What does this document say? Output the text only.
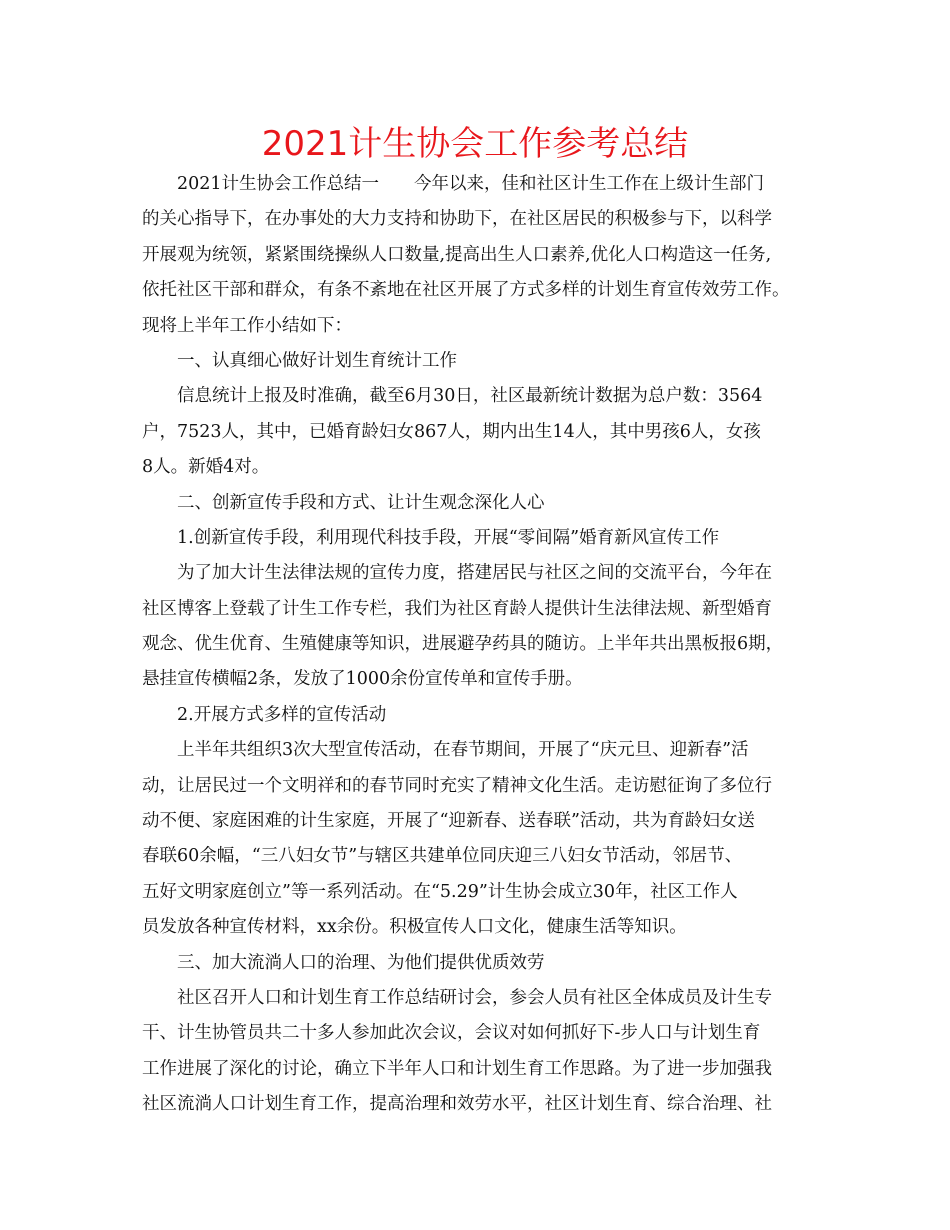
2021计生协会工作参考总结
2021计生协会工作总结一　　今年以来，佳和社区计生工作在上级计生部门
的关心指导下，在办事处的大力支持和协助下，在社区居民的积极参与下，以科学
开展观为统领，紧紧围绕操纵人口数量,提高出生人口素养,优化人口构造这一任务,
依托社区干部和群众，有条不紊地在社区开展了方式多样的计划生育宣传效劳工作。
现将上半年工作小结如下：
一、认真细心做好计划生育统计工作
信息统计上报及时准确，截至6月30日，社区最新统计数据为总户数：3564
户，7523人，其中，已婚育龄妇女867人，期内出生14人，其中男孩6人，女孩
8人。新婚4对。
二、创新宣传手段和方式、让计生观念深化人心
1.创新宣传手段，利用现代科技手段，开展“零间隔”婚育新风宣传工作
为了加大计生法律法规的宣传力度，搭建居民与社区之间的交流平台，今年在
社区博客上登载了计生工作专栏，我们为社区育龄人提供计生法律法规、新型婚育
观念、优生优育、生殖健康等知识，进展避孕药具的随访。上半年共出黑板报6期，
悬挂宣传横幅2条，发放了1000余份宣传单和宣传手册。
2.开展方式多样的宣传活动
上半年共组织3次大型宣传活动，在春节期间，开展了“庆元旦、迎新春”活
动，让居民过一个文明祥和的春节同时充实了精神文化生活。走访慰征询了多位行
动不便、家庭困难的计生家庭，开展了“迎新春、送春联”活动，共为育龄妇女送
春联60余幅，“三八妇女节”与辖区共建单位同庆迎三八妇女节活动，邻居节、
五好文明家庭创立”等一系列活动。在“5.29”计生协会成立30年，社区工作人
员发放各种宣传材料，xx余份。积极宣传人口文化，健康生活等知识。
三、加大流淌人口的治理、为他们提供优质效劳
社区召开人口和计划生育工作总结研讨会，参会人员有社区全体成员及计生专
干、计生协管员共二十多人参加此次会议，会议对如何抓好下-步人口与计划生育
工作进展了深化的讨论，确立下半年人口和计划生育工作思路。为了进一步加强我
社区流淌人口计划生育工作，提高治理和效劳水平，社区计划生育、综合治理、社
